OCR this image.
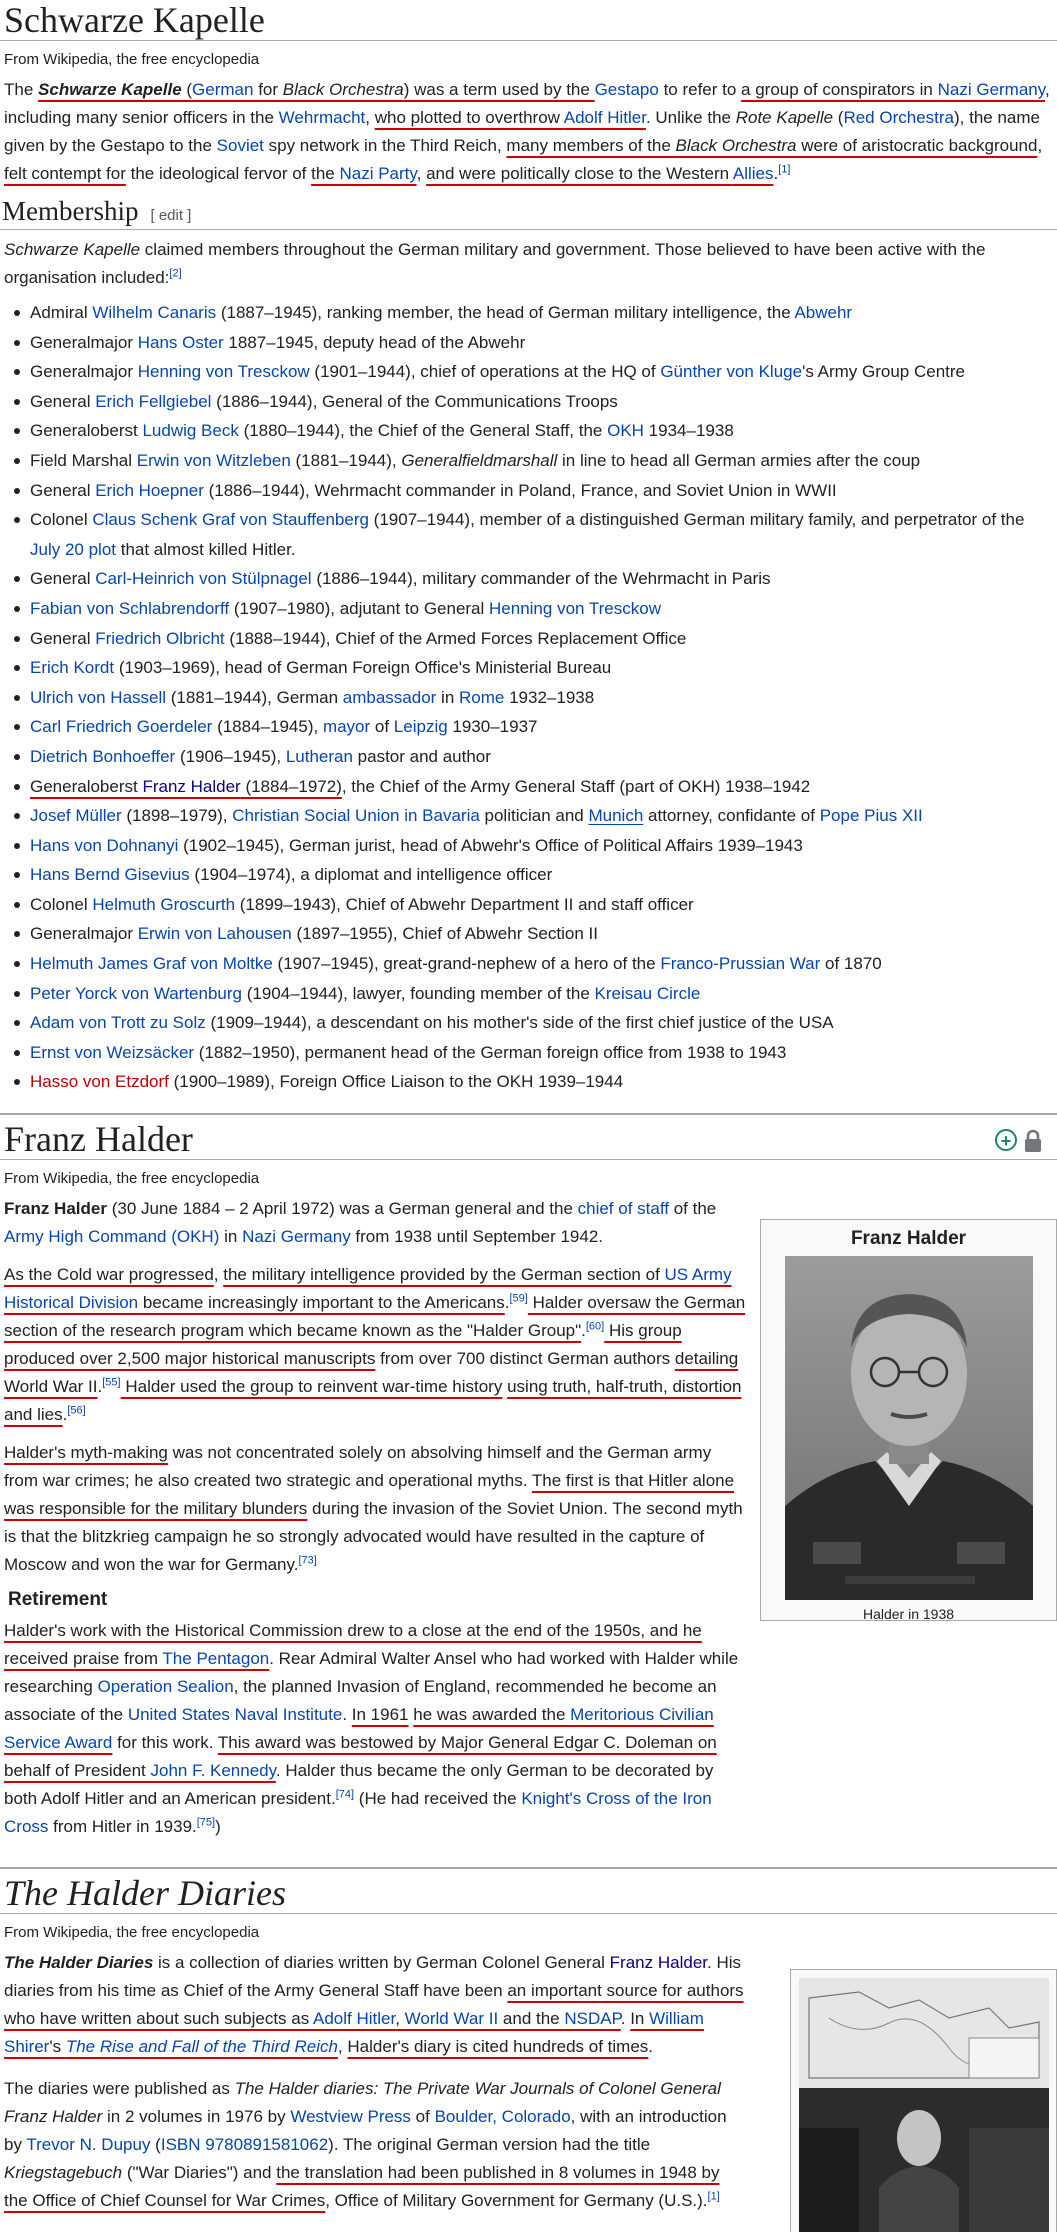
Schwarze Kapelle
From Wikipedia, the free encyclopedia

The Schwarze Kapelle (German for Black Orchestra) was a term used by the Gestapo to refer to a group of conspirators in Nazi Germany, including many senior officers in the Wehrmacht, who plotted to overthrow Adolf Hitler. Unlike the Rote Kapelle (Red Orchestra), the name given by the Gestapo to the Soviet spy network in the Third Reich, many members of the Black Orchestra were of aristocratic background, felt contempt for the ideological fervor of the Nazi Party, and were politically close to the Western Allies.[1]

Membership [ edit ]

Schwarze Kapelle claimed members throughout the German military and government. Those believed to have been active with the organisation included:[2]

Admiral Wilhelm Canaris (1887–1945), ranking member, the head of German military intelligence, the Abwehr
Generalmajor Hans Oster 1887–1945, deputy head of the Abwehr
Generalmajor Henning von Tresckow (1901–1944), chief of operations at the HQ of Günther von Kluge's Army Group Centre
General Erich Fellgiebel (1886–1944), General of the Communications Troops
Generaloberst Ludwig Beck (1880–1944), the Chief of the General Staff, the OKH 1934–1938
Field Marshal Erwin von Witzleben (1881–1944), Generalfieldmarshall in line to head all German armies after the coup
General Erich Hoepner (1886–1944), Wehrmacht commander in Poland, France, and Soviet Union in WWII
Colonel Claus Schenk Graf von Stauffenberg (1907–1944), member of a distinguished German military family, and perpetrator of the July 20 plot that almost killed Hitler.
General Carl-Heinrich von Stülpnagel (1886–1944), military commander of the Wehrmacht in Paris
Fabian von Schlabrendorff (1907–1980), adjutant to General Henning von Tresckow
General Friedrich Olbricht (1888–1944), Chief of the Armed Forces Replacement Office
Erich Kordt (1903–1969), head of German Foreign Office's Ministerial Bureau
Ulrich von Hassell (1881–1944), German ambassador in Rome 1932–1938
Carl Friedrich Goerdeler (1884–1945), mayor of Leipzig 1930–1937
Dietrich Bonhoeffer (1906–1945), Lutheran pastor and author
Generaloberst Franz Halder (1884–1972), the Chief of the Army General Staff (part of OKH) 1938–1942
Josef Müller (1898–1979), Christian Social Union in Bavaria politician and Munich attorney, confidante of Pope Pius XII
Hans von Dohnanyi (1902–1945), German jurist, head of Abwehr's Office of Political Affairs 1939–1943
Hans Bernd Gisevius (1904–1974), a diplomat and intelligence officer
Colonel Helmuth Groscurth (1899–1943), Chief of Abwehr Department II and staff officer
Generalmajor Erwin von Lahousen (1897–1955), Chief of Abwehr Section II
Helmuth James Graf von Moltke (1907–1945), great-grand-nephew of a hero of the Franco-Prussian War of 1870
Peter Yorck von Wartenburg (1904–1944), lawyer, founding member of the Kreisau Circle
Adam von Trott zu Solz (1909–1944), a descendant on his mother's side of the first chief justice of the USA
Ernst von Weizsäcker (1882–1950), permanent head of the German foreign office from 1938 to 1943
Hasso von Etzdorf (1900–1989), Foreign Office Liaison to the OKH 1939–1944
Franz Halder	+
From Wikipedia, the free encyclopedia
Franz Halder
Halder in 1938

Franz Halder (30 June 1884 – 2 April 1972) was a German general and the chief of staff of the Army High Command (OKH) in Nazi Germany from 1938 until September 1942.

As the Cold war progressed, the military intelligence provided by the German section of US Army Historical Division became increasingly important to the Americans.[59] Halder oversaw the German section of the research program which became known as the "Halder Group".[60] His group produced over 2,500 major historical manuscripts from over 700 distinct German authors detailing World War II.[55] Halder used the group to reinvent war-time history using truth, half-truth, distortion and lies.[56]

Halder's myth-making was not concentrated solely on absolving himself and the German army from war crimes; he also created two strategic and operational myths. The first is that Hitler alone was responsible for the military blunders during the invasion of the Soviet Union. The second myth is that the blitzkrieg campaign he so strongly advocated would have resulted in the capture of Moscow and won the war for Germany.[73]

Retirement

Halder's work with the Historical Commission drew to a close at the end of the 1950s, and he received praise from The Pentagon. Rear Admiral Walter Ansel who had worked with Halder while researching Operation Sealion, the planned Invasion of England, recommended he become an associate of the United States Naval Institute. In 1961 he was awarded the Meritorious Civilian Service Award for this work. This award was bestowed by Major General Edgar C. Doleman on behalf of President John F. Kennedy. Halder thus became the only German to be decorated by both Adolf Hitler and an American president.[74] (He had received the Knight's Cross of the Iron Cross from Hitler in 1939.[75])

The Halder Diaries
From Wikipedia, the free encyclopedia

The Halder Diaries is a collection of diaries written by German Colonel General Franz Halder. His diaries from his time as Chief of the Army General Staff have been an important source for authors who have written about such subjects as Adolf Hitler, World War II and the NSDAP. In William Shirer's The Rise and Fall of the Third Reich, Halder's diary is cited hundreds of times.

The diaries were published as The Halder diaries: The Private War Journals of Colonel General Franz Halder in 2 volumes in 1976 by Westview Press of Boulder, Colorado, with an introduction by Trevor N. Dupuy (ISBN 9780891581062). The original German version had the title Kriegstagebuch ("War Diaries") and the translation had been published in 8 volumes in 1948 by the Office of Chief Counsel for War Crimes, Office of Military Government for Germany (U.S.).[1]
